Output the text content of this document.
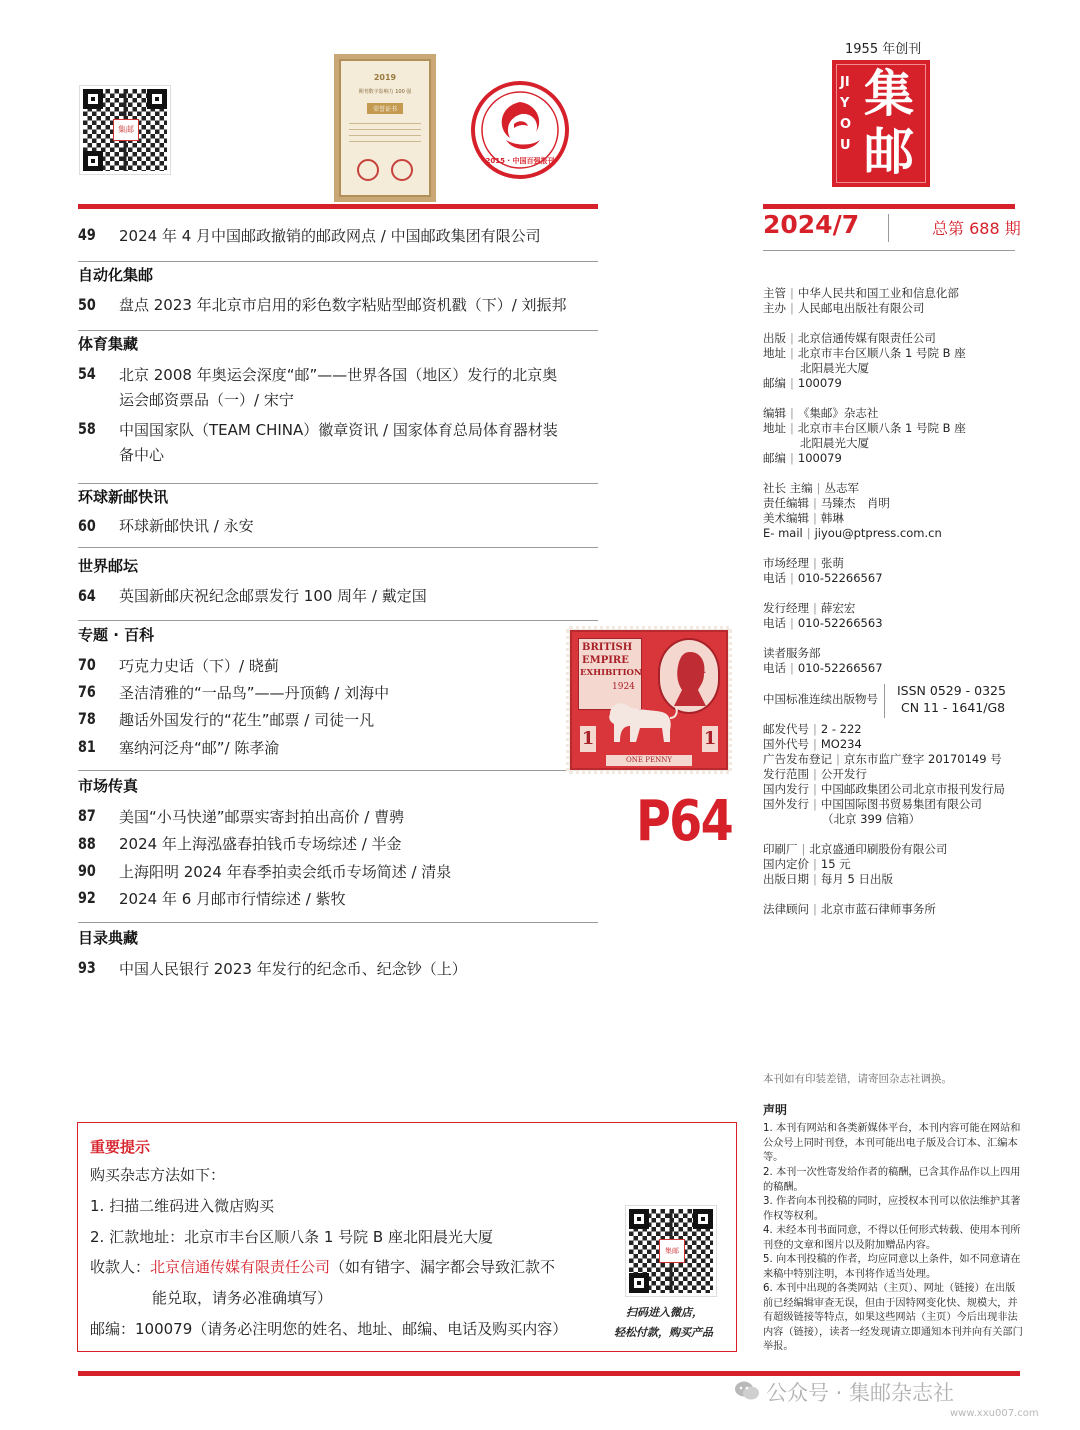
集邮
2019
期刊数字影响力 100 强
荣誉证书
2015 · 中国百强报刊
1955 年创刊
JIYOU
集
邮
2024/7	总第 688 期
49 2024 年 4 月中国邮政撤销的邮政网点 / 中国邮政集团有限公司
自动化集邮
50 盘点 2023 年北京市启用的彩色数字粘贴型邮资机戳（下）/ 刘振邦
体育集藏
54 北京 2008 年奥运会深度“邮”——世界各国（地区）发行的北京奥运会邮资票品（一）/ 宋宁
58 中国国家队（TEAM CHINA）徽章资讯 / 国家体育总局体育器材装备中心
环球新邮快讯
60 环球新邮快讯 / 永安
世界邮坛
64 英国新邮庆祝纪念邮票发行 100 周年 / 戴定国
专题 · 百科
70 巧克力史话（下）/ 晓蓟
76 圣洁清雅的“一品鸟”——丹顶鹤 / 刘海中
78 趣话外国发行的“花生”邮票 / 司徒一凡
81 塞纳河泛舟“邮”/ 陈孝渝
市场传真
87 美国“小马快递”邮票实寄封拍出高价 / 曹骋
88 2024 年上海泓盛春拍钱币专场综述 / 半金
90 上海阳明 2024 年春季拍卖会纸币专场简述 / 清泉
92 2024 年 6 月邮市行情综述 / 紫牧
目录典藏
93 中国人民银行 2023 年发行的纪念币、纪念钞（上）
BRITISH
EMPIRE
EXHIBITION
1924
1	1
ONE PENNY
P64
主管 | 中华人民共和国工业和信息化部
主办 | 人民邮电出版社有限公司
出版 | 北京信通传媒有限责任公司
地址 | 北京市丰台区顺八条 1 号院 B 座
北阳晨光大厦
邮编 | 100079
编辑 | 《集邮》杂志社
地址 | 北京市丰台区顺八条 1 号院 B 座
北阳晨光大厦
邮编 | 100079
社长 主编 | 丛志军
责任编辑 | 马臻杰　肖明
美术编辑 | 韩琳
E- mail | jiyou@ptpress.com.cn
市场经理 | 张萌
电话 | 010-52266567
发行经理 | 薛宏宏
电话 | 010-52266563
读者服务部
电话 | 010-52266567
中国标准连续出版物号
ISSN 0529 - 0325
CN 11 - 1641/G8
邮发代号 | 2 - 222
国外代号 | MO234
广告发布登记 | 京东市监广登字 20170149 号
发行范围 | 公开发行
国内发行 | 中国邮政集团公司北京市报刊发行局
国外发行 | 中国国际图书贸易集团有限公司
（北京 399 信箱）
印刷厂 | 北京盛通印刷股份有限公司
国内定价 | 15 元
出版日期 | 每月 5 日出版
法律顾问 | 北京市蓝石律师事务所
本刊如有印装差错，请寄回杂志社调换。
声明
1. 本刊有网站和各类新媒体平台，本刊内容可能在网站和公众号上同时刊登，本刊可能出电子版及合订本、汇编本等。
2. 本刊一次性寄发给作者的稿酬，已含其作品作以上四用的稿酬。
3. 作者向本刊投稿的同时，应授权本刊可以依法维护其著作权等权利。
4. 未经本刊书面同意，不得以任何形式转载、使用本刊所刊登的文章和图片以及附加赠品内容。
5. 向本刊投稿的作者，均应同意以上条件，如不同意请在来稿中特别注明，本刊将作适当处理。
6. 本刊中出现的各类网站（主页）、网址（链接）在出版前已经编辑审查无误，但由于因特网变化快、规模大，并有超级链接等特点，如果这些网站（主页）今后出现非法内容（链接），读者一经发现请立即通知本刊并向有关部门举报。
重要提示
购买杂志方法如下：
1. 扫描二维码进入微店购买
2. 汇款地址：北京市丰台区顺八条 1 号院 B 座北阳晨光大厦
收款人：北京信通传媒有限责任公司（如有错字、漏字都会导致汇款不
能兑取，请务必准确填写）
邮编：100079（请务必注明您的姓名、地址、邮编、电话及购买内容）
集邮
扫码进入微店，
轻松付款，购买产品
公众号 · 集邮杂志社
www.xxu007.com
